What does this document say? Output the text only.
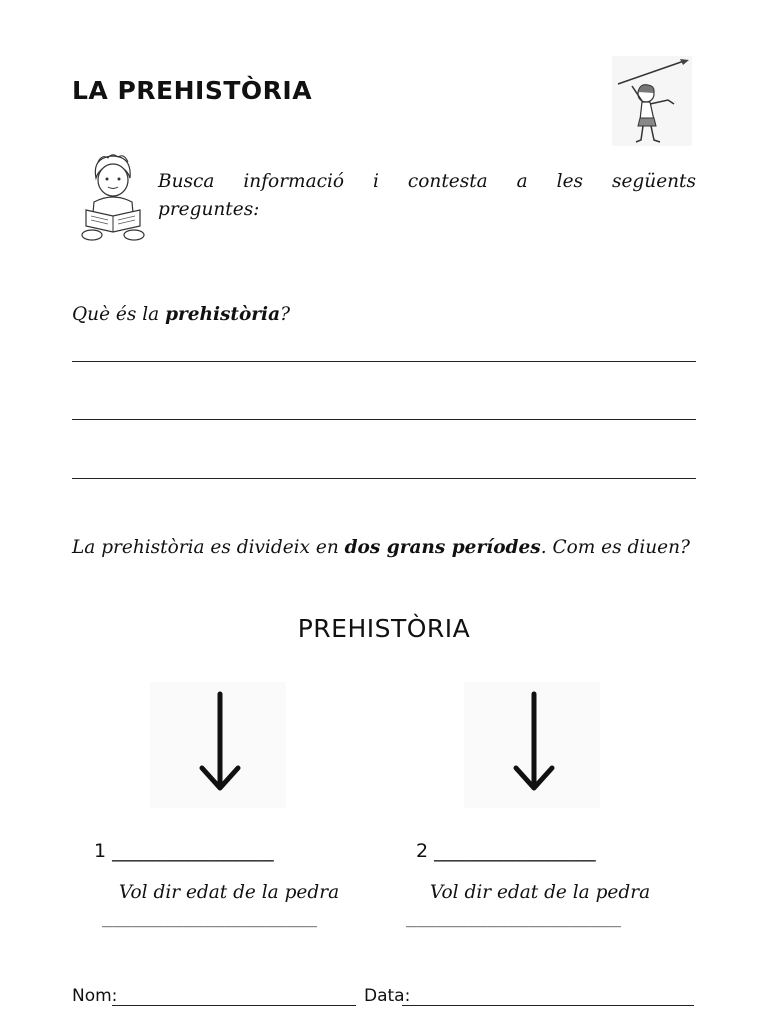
LA PREHISTÒRIA
Busca informació i contesta a les següents preguntes:
Què és la prehistòria?
La prehistòria es divideix en dos grans períodes. Com es diuen?
PREHISTÒRIA
1 _________________
Vol dir edat de la pedra
_____________________
2 _________________
Vol dir edat de la pedra
_____________________
Nom:	Data:
